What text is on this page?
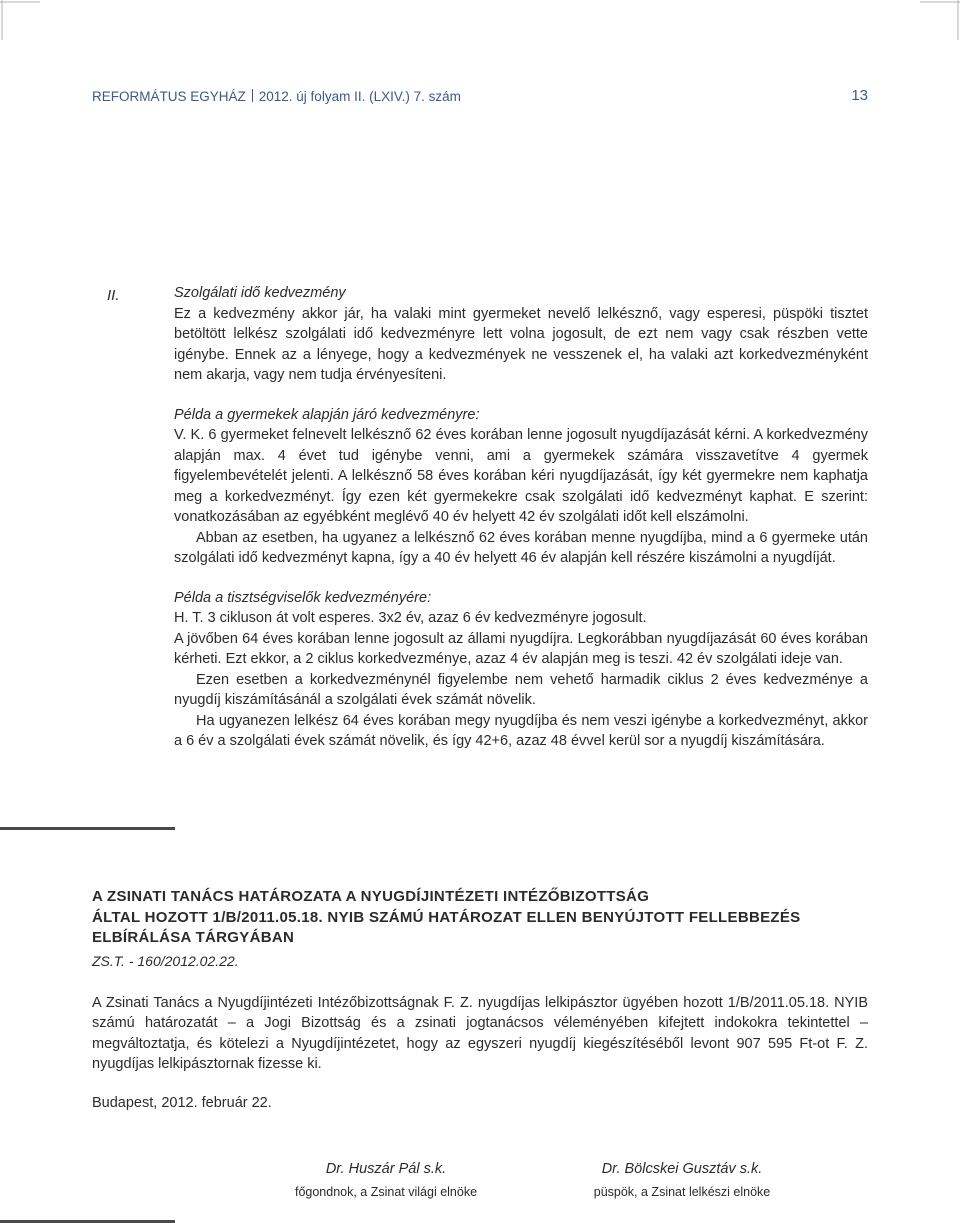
REFORMÁTUS EGYHÁZ 2012. új folyam II. (LXIV.) 7. szám	13
II.	Szolgálati idő kedvezmény

Ez a kedvezmény akkor jár, ha valaki mint gyermeket nevelő lelkésznő, vagy esperesi, püspöki tisztet betöltött lelkész szolgálati idő kedvezményre lett volna jogosult, de ezt nem vagy csak részben vette igénybe. Ennek az a lényege, hogy a kedvezmények ne vesszenek el, ha valaki azt korkedvezményként nem akarja, vagy nem tudja érvényesíteni.

Példa a gyermekek alapján járó kedvezményre:

V. K. 6 gyermeket felnevelt lelkésznő 62 éves korában lenne jogosult nyugdíjazását kérni. A korkedvezmény alapján max. 4 évet tud igénybe venni, ami a gyermekek számára visszavetítve 4 gyermek figyelembevételét jelenti. A lelkésznő 58 éves korában kéri nyugdíjazását, így két gyermekre nem kaphatja meg a korkedvezményt. Így ezen két gyermekekre csak szolgálati idő kedvezményt kaphat. E szerint: vonatkozásában az egyébként meglévő 40 év helyett 42 év szolgálati időt kell elszámolni.

Abban az esetben, ha ugyanez a lelkésznő 62 éves korában menne nyugdíjba, mind a 6 gyermeke után szolgálati idő kedvezményt kapna, így a 40 év helyett 46 év alapján kell részére kiszámolni a nyugdíját.

Példa a tisztségviselők kedvezményére:

H. T. 3 cikluson át volt esperes. 3x2 év, azaz 6 év kedvezményre jogosult.

A jövőben 64 éves korában lenne jogosult az állami nyugdíjra. Legkorábban nyugdíjazását 60 éves korában kérheti. Ezt ekkor, a 2 ciklus korkedvezménye, azaz 4 év alapján meg is teszi. 42 év szolgálati ideje van.

Ezen esetben a korkedvezménynél figyelembe nem vehető harmadik ciklus 2 éves kedvezménye a nyugdíj kiszámításánál a szolgálati évek számát növelik.

Ha ugyanezen lelkész 64 éves korában megy nyugdíjba és nem veszi igénybe a korkedvezményt, akkor a 6 év a szolgálati évek számát növelik, és így 42+6, azaz 48 évvel kerül sor a nyugdíj kiszámítására.

A ZSINATI TANÁCS HATÁROZATA A NYUGDÍJINTÉZETI INTÉZŐBIZOTTSÁG
ÁLTAL HOZOTT 1/B/2011.05.18. NYIB SZÁMÚ HATÁROZAT ELLEN BENYÚJTOTT FELLEBBEZÉS
ELBÍRÁLÁSA TÁRGYÁBAN
ZS.T. - 160/2012.02.22.
A Zsinati Tanács a Nyugdíjintézeti Intézőbizottságnak F. Z. nyugdíjas lelkipásztor ügyében hozott 1/B/2011.05.18. NYIB számú határozatát – a Jogi Bizottság és a zsinati jogtanácsos véleményében kifejtett indokokra tekintettel – megváltoztatja, és kötelezi a Nyugdíjintézetet, hogy az egyszeri nyugdíj kiegészítéséből levont 907 595 Ft-ot F. Z. nyugdíjas lelkipásztornak fizesse ki.
Budapest, 2012. február 22.
Dr. Huszár Pál s.k.
főgondnok, a Zsinat világi elnöke
Dr. Bölcskei Gusztáv s.k.
püspök, a Zsinat lelkészi elnöke
